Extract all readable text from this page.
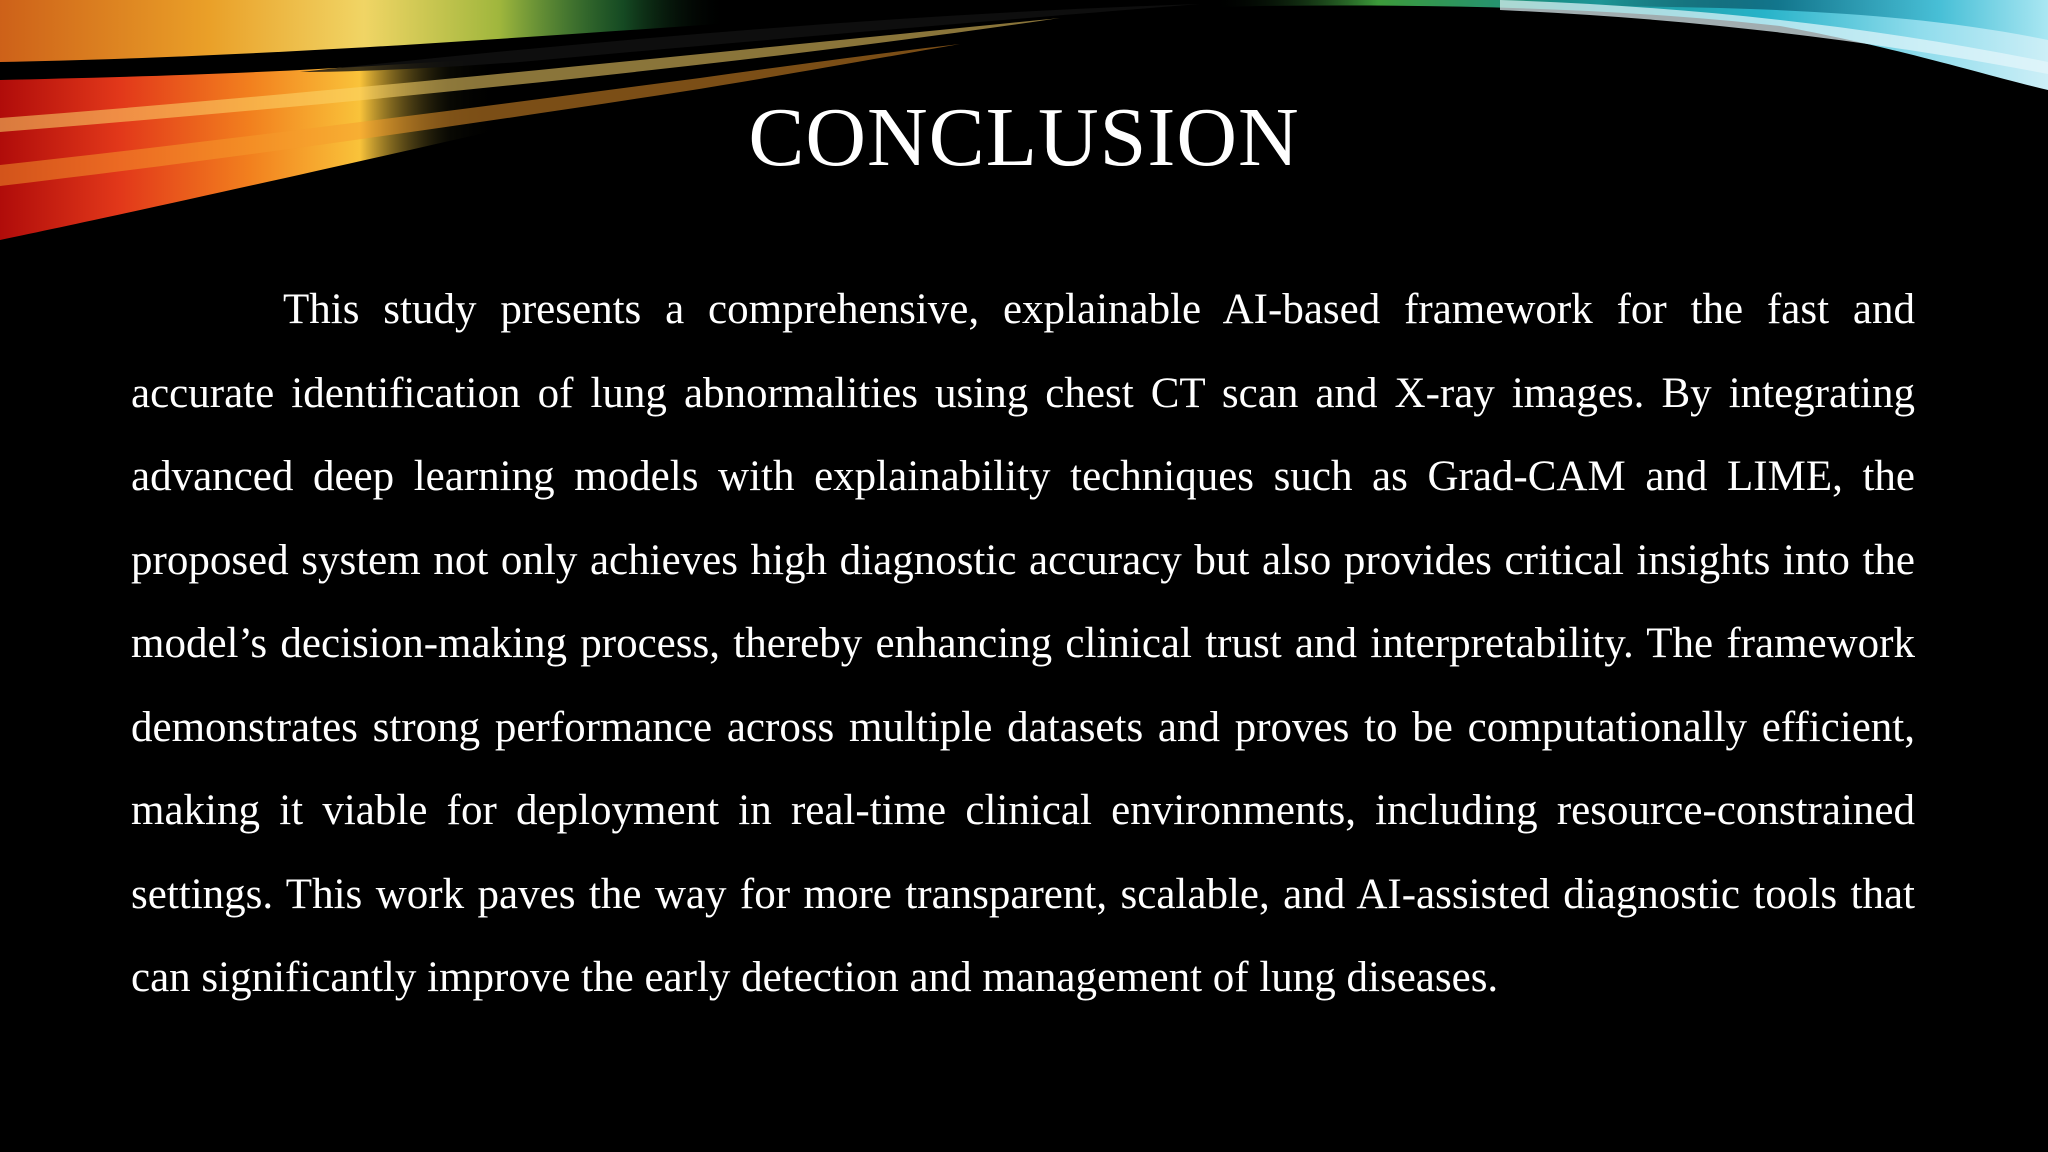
CONCLUSION

This study presents a comprehensive, explainable AI-based framework for the fast and accurate identification of lung abnormalities using chest CT scan and X-ray images. By integrating advanced deep learning models with explainability techniques such as Grad-CAM and LIME, the proposed system not only achieves high diagnostic accuracy but also provides critical insights into the model’s decision-making process, thereby enhancing clinical trust and interpretability. The framework demonstrates strong performance across multiple datasets and proves to be computationally efficient, making it viable for deployment in real-time clinical environments, including resource-constrained settings. This work paves the way for more transparent, scalable, and AI-assisted diagnostic tools that can significantly improve the early detection and management of lung diseases.
